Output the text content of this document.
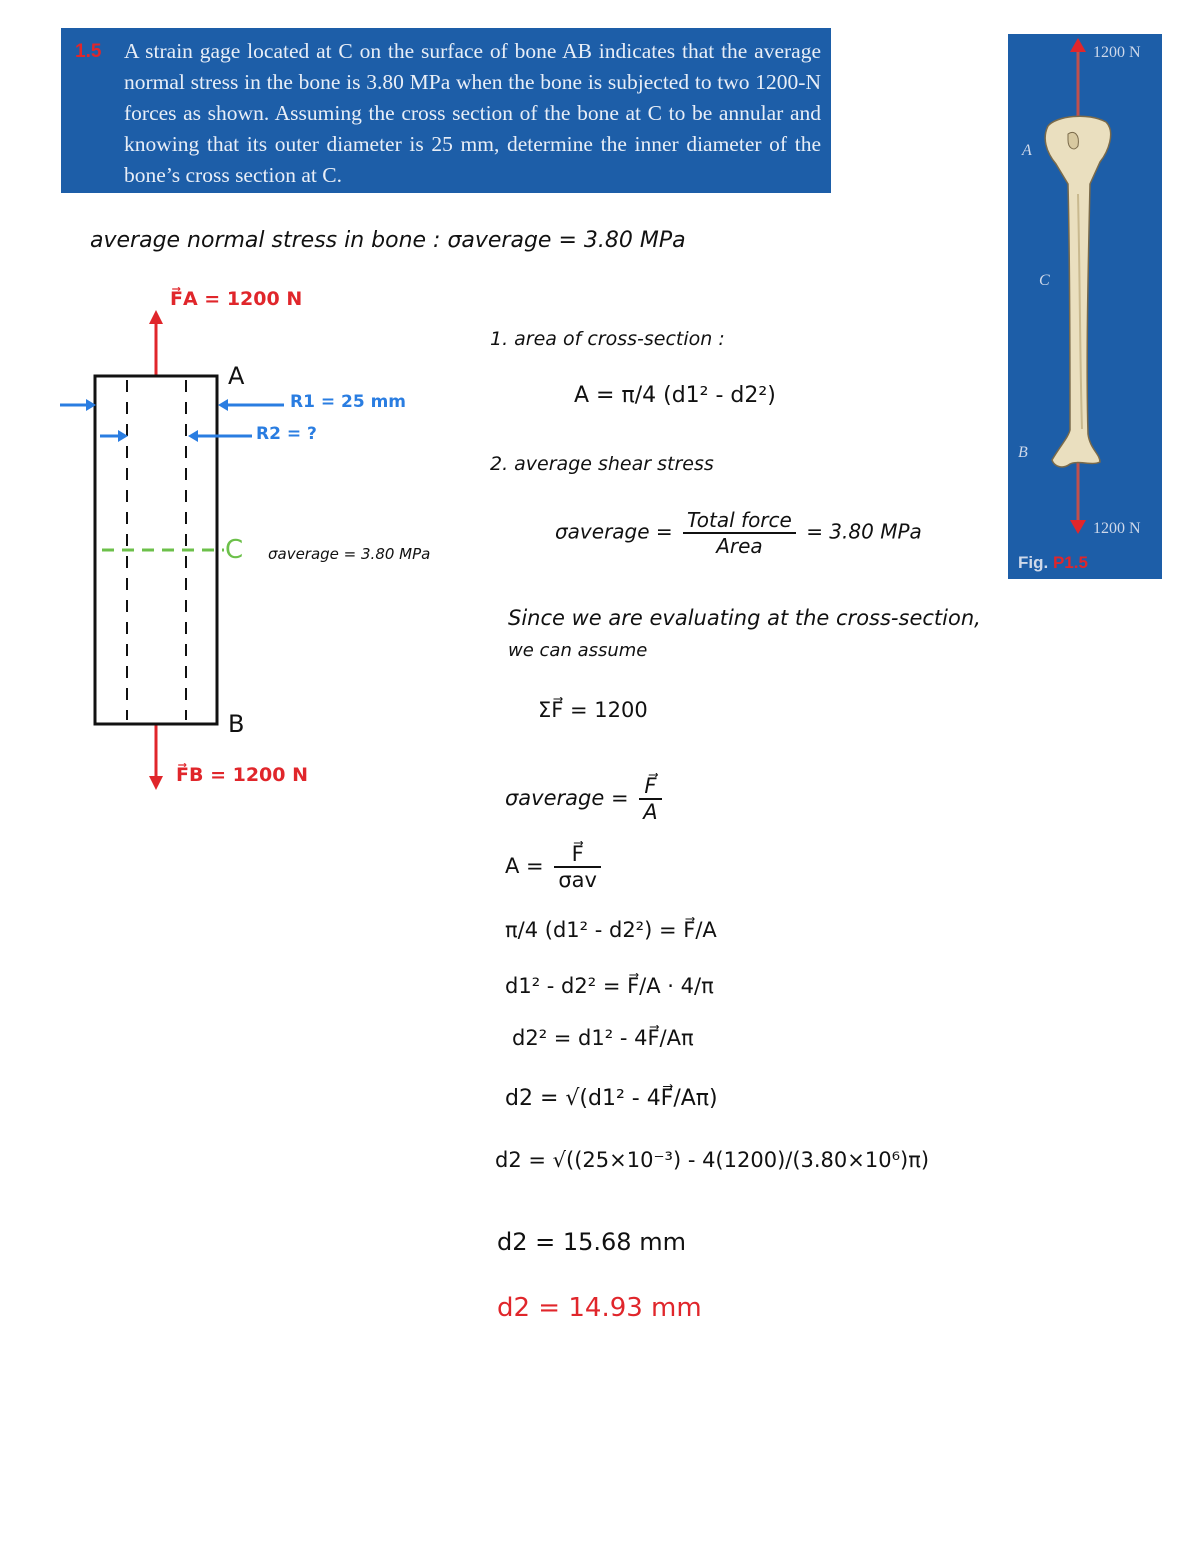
1.5 A strain gage located at C on the surface of bone AB indicates that the average normal stress in the bone is 3.80 MPa when the bone is subjected to two 1200-N forces as shown. Assuming the cross section of the bone at C to be annular and knowing that its outer diameter is 25 mm, determine the inner diameter of the bone’s cross section at C.
1200 N
1200 N
A
C
B
Fig. P1.5
average normal stress in bone : σaverage = 3.80 MPa
F⃗A = 1200 N
A
R1 = 25 mm
R2 = ?
C σaverage = 3.80 MPa
B
F⃗B = 1200 N
1. area of cross-section :
A = π/4 (d1² - d2²)
2. average shear stress
σaverage = $\frac{\text{Total force}}{\text{Area}} = 3.80$ MPa
Since we are evaluating at the cross-section,
we can assume
ΣF⃗ = 1200
σaverage = $\frac{F⃗}{A}$
$A = \frac{F⃗}{\text{σav}}$
π/4 (d1² - d2²) = F⃗/A
d1² - d2² = F⃗/A · 4/π
d2² = d1² - 4F⃗/Aπ
d2 = √(d1² - 4F⃗/Aπ)
d2 = √((25×10⁻³) - 4(1200)/(3.80×10⁶)π)
d2 = 15.68 mm
d2 = 14.93 mm
